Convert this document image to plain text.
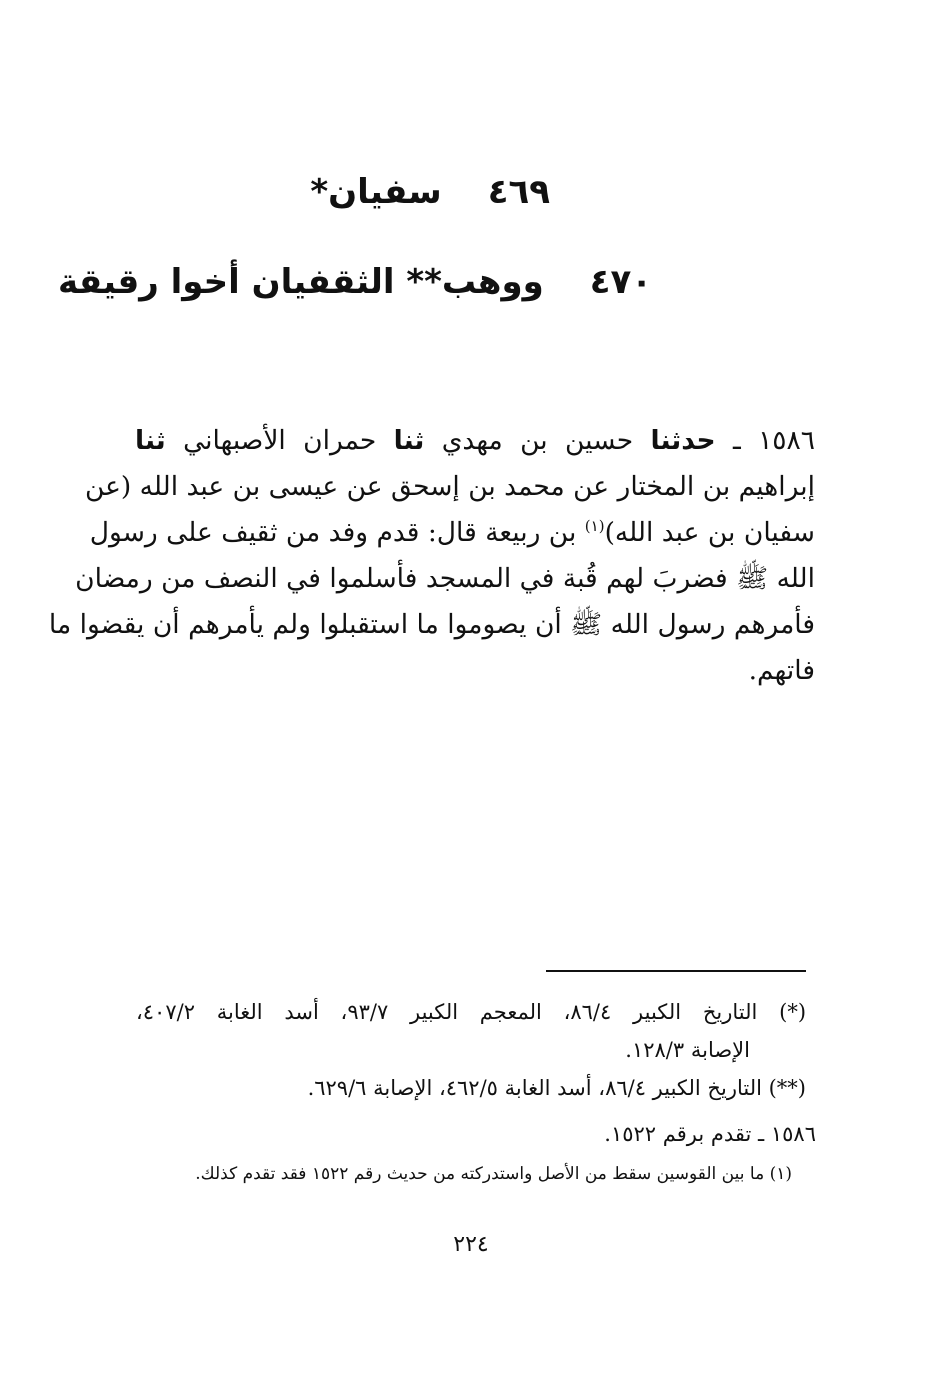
٤٦٩سفيان*
٤٧٠ووهب** الثقفيان أخوا رقيقة
١٥٨٦ ـ حدثنا حسين بن مهدي ثنا حمران الأصبهاني ثنا
إبراهيم بن المختار عن محمد بن إسحق عن عيسى بن عبد الله (عن
سفيان بن عبد الله)$^{(١)}$ بن ربيعة قال: قدم وفد من ثقيف على رسول
الله ﷺ فضربَ لهم قُبة في المسجد فأسلموا في النصف من رمضان
فأمرهم رسول الله ﷺ أن يصوموا ما استقبلوا ولم يأمرهم أن يقضوا ما
فاتهم.
(*) التاريخ الكبير ٨٦/٤، المعجم الكبير ٩٣/٧، أسد الغابة ٤٠٧/٢،
الإصابة ١٢٨/٣.
(**) التاريخ الكبير ٨٦/٤، أسد الغابة ٤٦٢/٥، الإصابة ٦٢٩/٦.
١٥٨٦ ـ تقدم برقم ١٥٢٢.
(١) ما بين القوسين سقط من الأصل واستدركته من حديث رقم ١٥٢٢ فقد تقدم كذلك.
٢٢٤
